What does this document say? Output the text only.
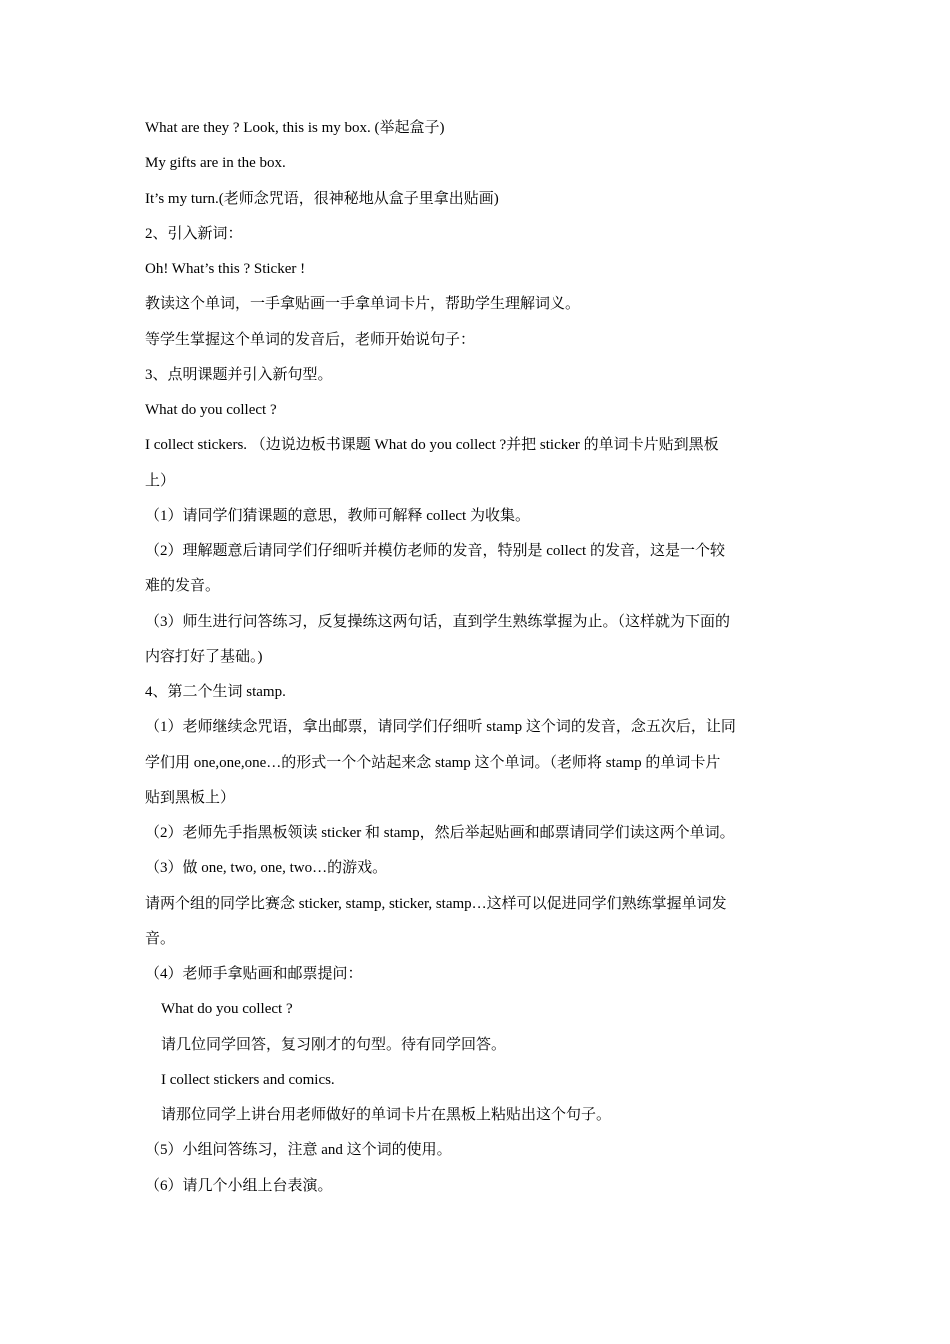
What are they ? Look, this is my box. (举起盒子)
My gifts are in the box.
It’s my turn.(老师念咒语，很神秘地从盒子里拿出贴画)
2、引入新词：
Oh! What’s this ? Sticker !
教读这个单词，一手拿贴画一手拿单词卡片，帮助学生理解词义。
等学生掌握这个单词的发音后，老师开始说句子：
3、点明课题并引入新句型。
What do you collect ?
I collect stickers. （边说边板书课题 What do you collect ?并把 sticker 的单词卡片贴到黑板
上）
（1）请同学们猜课题的意思，教师可解释 collect 为收集。
（2）理解题意后请同学们仔细听并模仿老师的发音，特别是 collect 的发音，这是一个较
难的发音。
（3）师生进行问答练习，反复操练这两句话，直到学生熟练掌握为止。（这样就为下面的
内容打好了基础。)
4、第二个生词 stamp.
（1）老师继续念咒语，拿出邮票，请同学们仔细听 stamp 这个词的发音，念五次后，让同
学们用 one,one,one…的形式一个个站起来念 stamp 这个单词。（老师将 stamp 的单词卡片
贴到黑板上）
（2）老师先手指黑板领读 sticker 和 stamp，然后举起贴画和邮票请同学们读这两个单词。
（3）做 one, two, one, two…的游戏。
请两个组的同学比赛念 sticker, stamp, sticker, stamp…这样可以促进同学们熟练掌握单词发
音。
（4）老师手拿贴画和邮票提问：
What do you collect ?
请几位同学回答，复习刚才的句型。待有同学回答。
I collect stickers and comics.
请那位同学上讲台用老师做好的单词卡片在黑板上粘贴出这个句子。
（5）小组问答练习，注意 and 这个词的使用。
（6）请几个小组上台表演。
